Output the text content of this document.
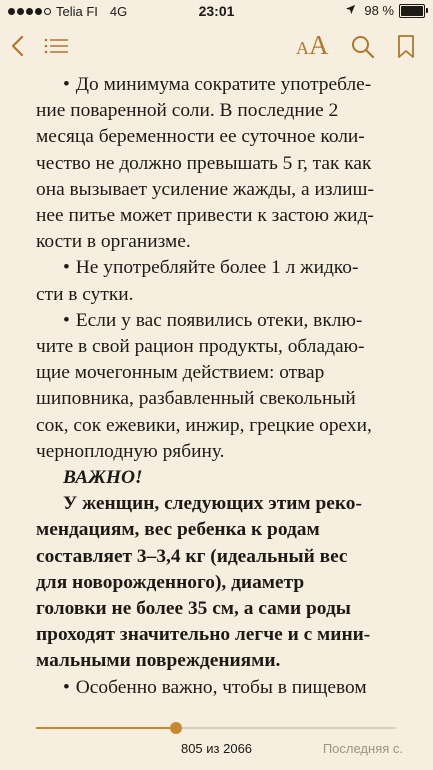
Telia FI 4G	23:01	98 %
AA

• До минимума сократите употребле-
ние поваренной соли. В последние 2
месяца беременности ее суточное коли-
чество не должно превышать 5 г, так как
она вызывает усиление жажды, а излиш-
нее питье может привести к застою жид-
кости в организме.

• Не употребляйте более 1 л жидко-
сти в сутки.

• Если у вас появились отеки, вклю-
чите в свой рацион продукты, обладаю-
щие мочегонным действием: отвар
шиповника, разбавленный свекольный
сок, сок ежевики, инжир, грецкие орехи,
черноплодную рябину.

ВАЖНО!

У женщин, следующих этим реко-
мендациям, вес ребенка к родам
составляет 3–3,4 кг (идеальный вес
для новорожденного), диаметр
головки не более 35 см, а сами роды
проходят значительно легче и с мини-
мальными повреждениями.

• Особенно важно, чтобы в пищевом

805 из 2066	Последняя с.
